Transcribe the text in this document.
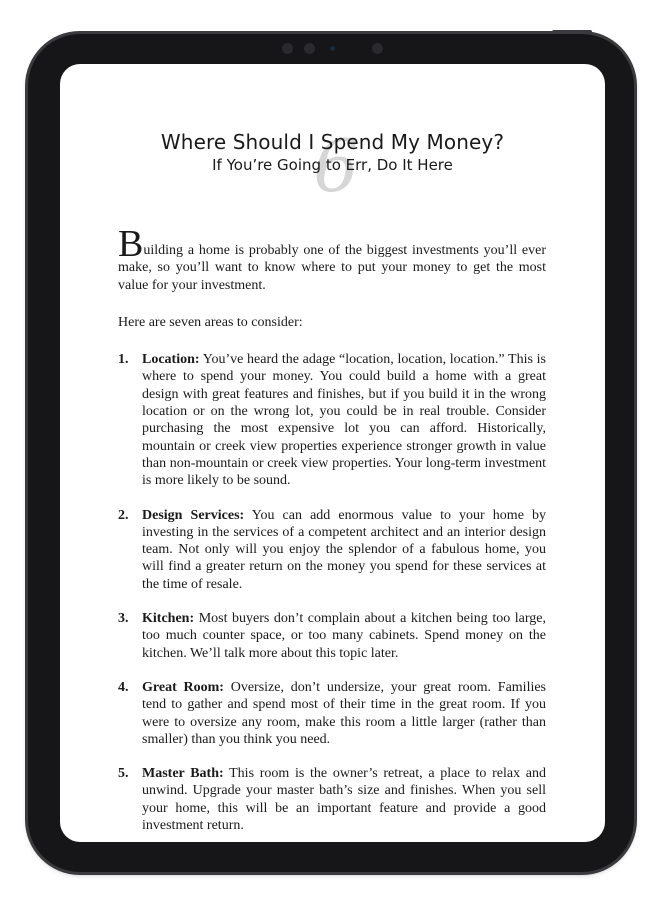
6
Where Should I Spend My Money?
If You’re Going to Err, Do It Here

Building a home is probably one of the biggest investments you’ll ever make, so you’ll want to know where to put your money to get the most value for your investment.

Here are seven areas to consider:

1. Location: You’ve heard the adage “location, location, location.” This is where to spend your money. You could build a home with a great design with great features and finishes, but if you build it in the wrong location or on the wrong lot, you could be in real trouble. Consider purchasing the most expensive lot you can afford. Historically, mountain or creek view properties experience stronger growth in value than non-mountain or creek view properties. Your long-term investment is more likely to be sound.
2. Design Services: You can add enormous value to your home by investing in the services of a competent architect and an interior design team. Not only will you enjoy the splendor of a fabulous home, you will find a greater return on the money you spend for these services at the time of resale.
3. Kitchen: Most buyers don’t complain about a kitchen being too large, too much counter space, or too many cabinets. Spend money on the kitchen. We’ll talk more about this topic later.
4. Great Room: Oversize, don’t undersize, your great room. Families tend to gather and spend most of their time in the great room. If you were to oversize any room, make this room a little larger (rather than smaller) than you think you need.
5. Master Bath: This room is the owner’s retreat, a place to relax and unwind. Upgrade your master bath’s size and finishes. When you sell your home, this will be an important feature and provide a good investment return.
